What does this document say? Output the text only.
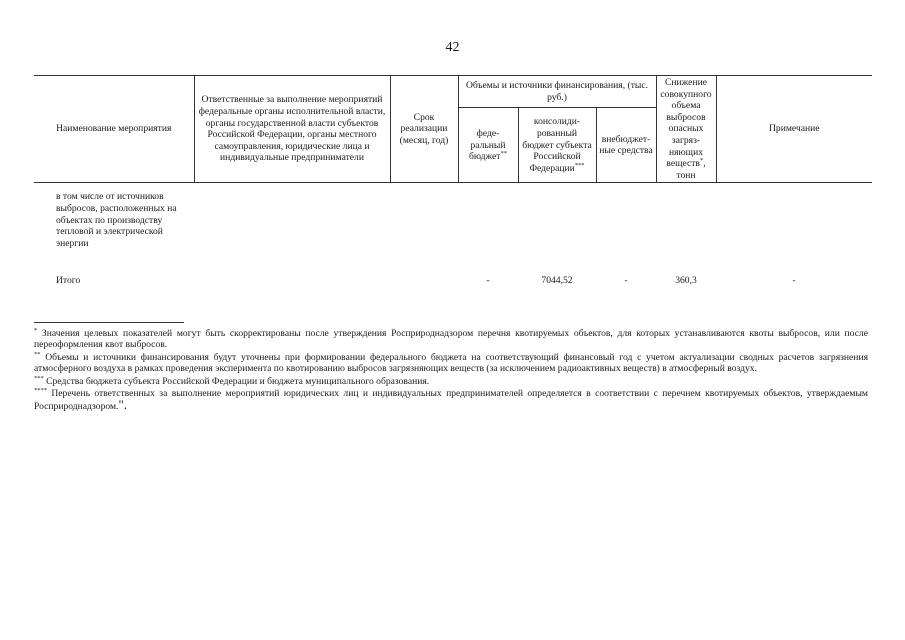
42
Наименование мероприятия	Ответственные за выполнение мероприятий федеральные органы исполнительной власти, органы государственной власти субъектов Российской Федерации, органы местного самоуправления, юридические лица и индивидуальные предприниматели	Срок реализации (месяц, год)	Объемы и источники финансирования, (тыс. руб.)			Снижение совокупного объема выбросов опасных загряз- няющих веществ*, тонн	Примечание
			феде- ральный бюджет**	консолиди- рованный бюджет субъекта Российской Федерации***	внебюджет- ные средства		

в том числе от источников выбросов, расположенных на объектах по производству тепловой и электрической энергии							
Итого			-	7044,52	-	360,3	-

* Значения целевых показателей могут быть скорректированы после утверждения Росприроднадзором перечня квотируемых объектов, для которых устанавливаются квоты выбросов, или после переоформления квот выбросов.

** Объемы и источники финансирования будут уточнены при формировании федерального бюджета на соответствующий финансовый год с учетом актуализации сводных расчетов загрязнения атмосферного воздуха в рамках проведения эксперимента по квотированию выбросов загрязняющих веществ (за исключением радиоактивных веществ) в атмосферный воздух.

*** Средства бюджета субъекта Российской Федерации и бюджета муниципального образования.

**** Перечень ответственных за выполнение мероприятий юридических лиц и индивидуальных предпринимателей определяется в соответствии с перечнем квотируемых объектов, утверждаемым Росприроднадзором.".
